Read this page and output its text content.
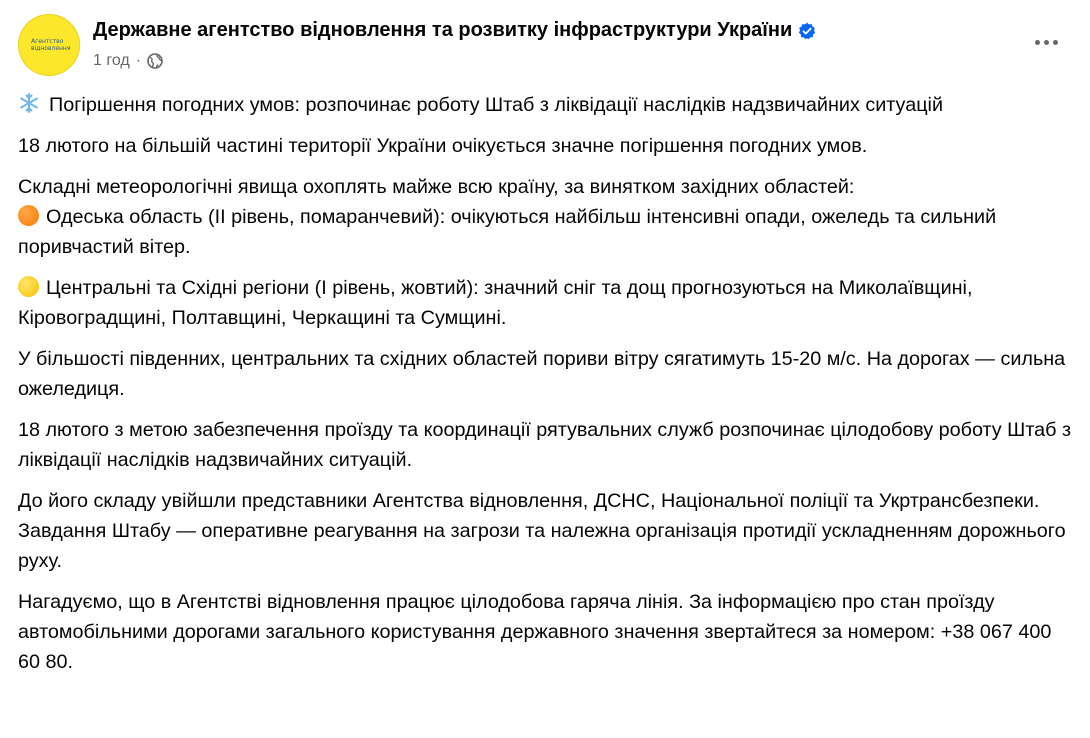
Агентство
відновлення
Державне агентство відновлення та розвитку інфраструктури України
1 год ·

Погіршення погодних умов: розпочинає роботу Штаб з ліквідації наслідків надзвичайних ситуацій

18 лютого на більшій частині території України очікується значне погіршення погодних умов.

Складні метеорологічні явища охоплять майже всю країну, за винятком західних областей:
Одеська область (ІІ рівень, помаранчевий): очікуються найбільш інтенсивні опади, ожеледь та сильний поривчастий вітер.

Центральні та Східні регіони (І рівень, жовтий): значний сніг та дощ прогнозуються на Миколаївщині, Кіровоградщині, Полтавщині, Черкащині та Сумщині.

У більшості південних, центральних та східних областей пориви вітру сягатимуть 15-20 м/с. На дорогах — сильна ожеледиця.

18 лютого з метою забезпечення проїзду та координації рятувальних служб розпочинає цілодобову роботу Штаб з ліквідації наслідків надзвичайних ситуацій.

До його складу увійшли представники Агентства відновлення, ДСНС, Національної поліції та Укртрансбезпеки. Завдання Штабу — оперативне реагування на загрози та належна організація протидії ускладненням дорожнього руху.

Нагадуємо, що в Агентстві відновлення працює цілодобова гаряча лінія. За інформацією про стан проїзду автомобільними дорогами загального користування державного значення звертайтеся за номером: +38 067 400 60 80.
